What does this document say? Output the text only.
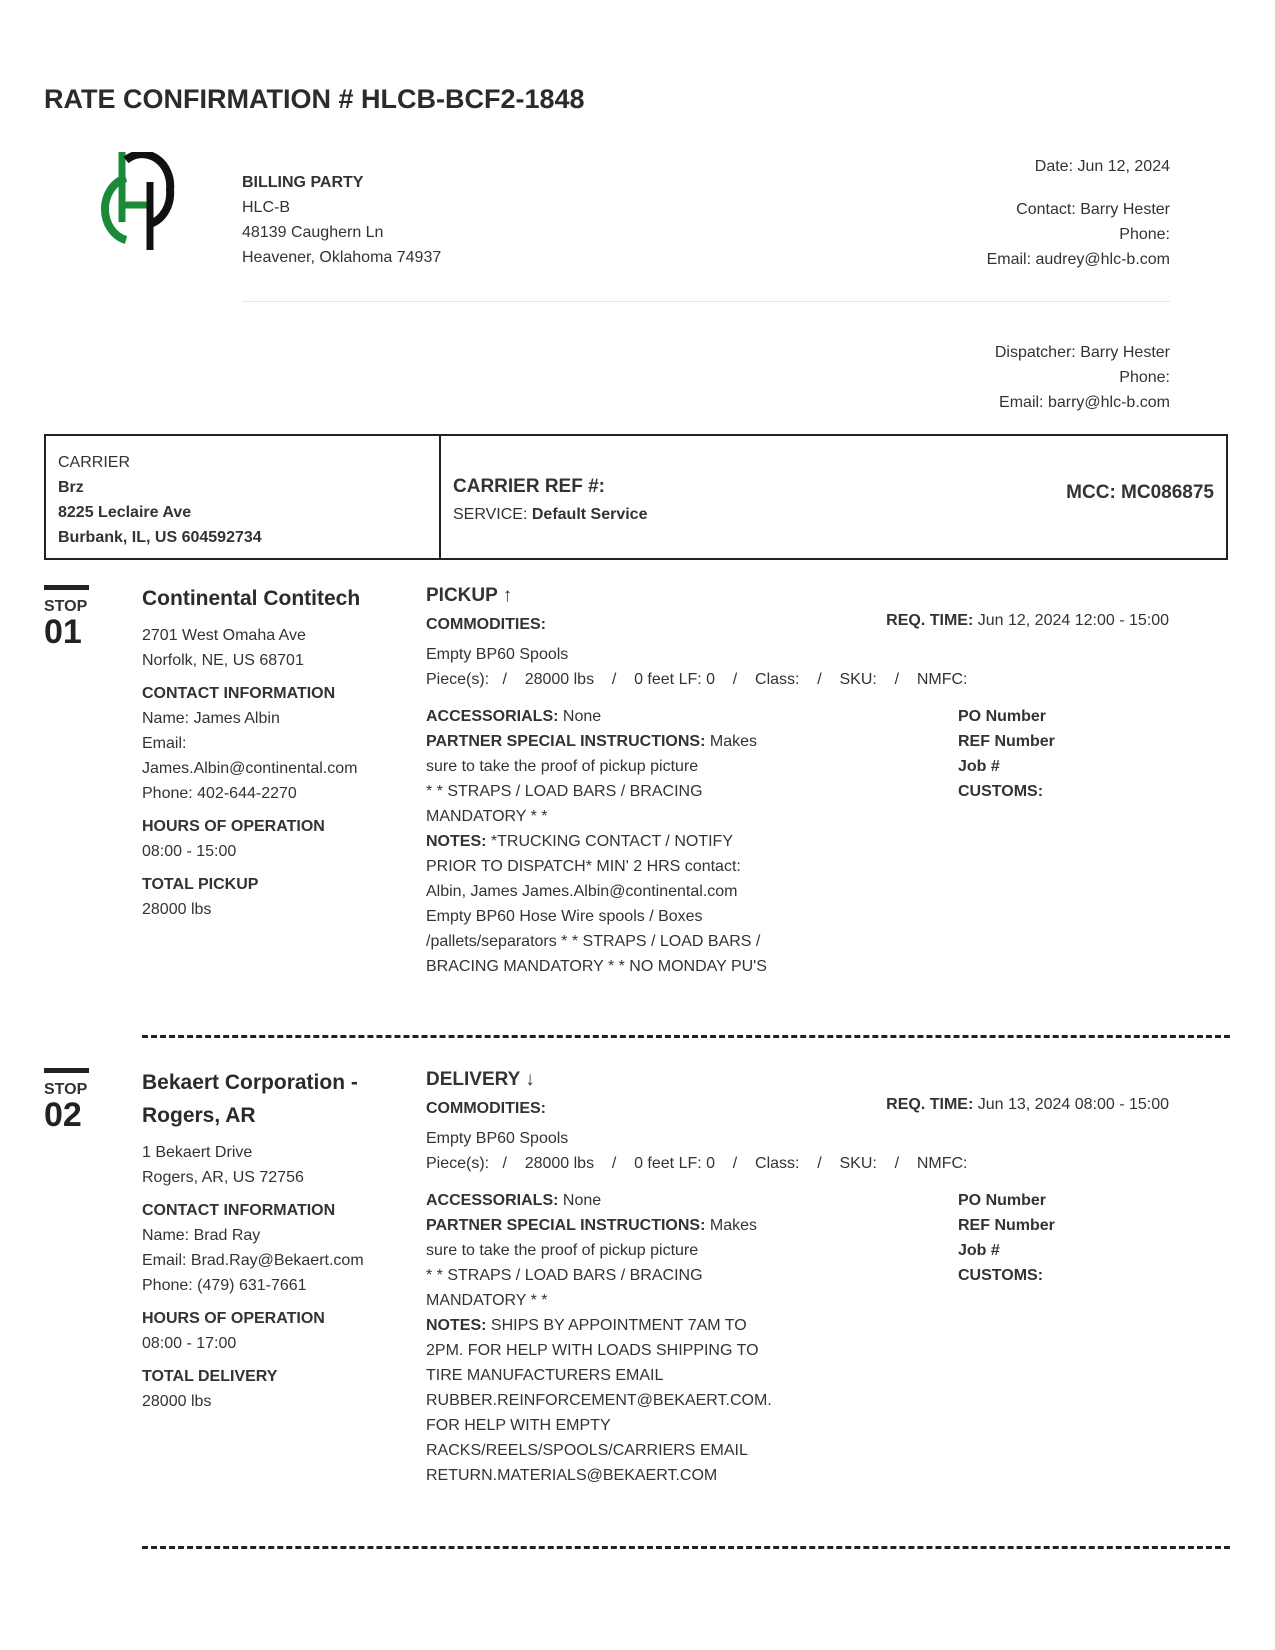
RATE CONFIRMATION # HLCB-BCF2-1848
BILLING PARTY
HLC-B
48139 Caughern Ln
Heavener, Oklahoma 74937
Date: Jun 12, 2024
Contact: Barry Hester
Phone:
Email: audrey@hlc-b.com
Dispatcher: Barry Hester
Phone:
Email: barry@hlc-b.com
CARRIER
Brz
8225 Leclaire Ave
Burbank, IL, US 604592734
CARRIER REF #:
SERVICE: Default Service
MCC: MC086875
STOP
01
Continental Contitech
2701 West Omaha Ave
Norfolk, NE, US 68701
CONTACT INFORMATION
Name: James Albin
Email:
James.Albin@continental.com
Phone: 402-644-2270
HOURS OF OPERATION
08:00 - 15:00
TOTAL PICKUP
28000 lbs
PICKUP ↑
COMMODITIES:	REQ. TIME: Jun 12, 2024 12:00 - 15:00
Empty BP60 Spools
Piece(s):   /    28000 lbs    /    0 feet LF: 0    /    Class:    /    SKU:    /    NMFC:
ACCESSORIALS: None
PARTNER SPECIAL INSTRUCTIONS: Makes
sure to take the proof of pickup picture
* * STRAPS / LOAD BARS / BRACING
MANDATORY * *
NOTES: *TRUCKING CONTACT / NOTIFY
PRIOR TO DISPATCH* MIN' 2 HRS contact:
Albin, James James.Albin@continental.com
Empty BP60 Hose Wire spools / Boxes
/pallets/separators * * STRAPS / LOAD BARS /
BRACING MANDATORY * * NO MONDAY PU'S
PO Number
REF Number
Job #
CUSTOMS:
STOP
02
Bekaert Corporation -
Rogers, AR
1 Bekaert Drive
Rogers, AR, US 72756
CONTACT INFORMATION
Name: Brad Ray
Email: Brad.Ray@Bekaert.com
Phone: (479) 631-7661
HOURS OF OPERATION
08:00 - 17:00
TOTAL DELIVERY
28000 lbs
DELIVERY ↓
COMMODITIES:	REQ. TIME: Jun 13, 2024 08:00 - 15:00
Empty BP60 Spools
Piece(s):   /    28000 lbs    /    0 feet LF: 0    /    Class:    /    SKU:    /    NMFC:
ACCESSORIALS: None
PARTNER SPECIAL INSTRUCTIONS: Makes
sure to take the proof of pickup picture
* * STRAPS / LOAD BARS / BRACING
MANDATORY * *
NOTES: SHIPS BY APPOINTMENT 7AM TO
2PM. FOR HELP WITH LOADS SHIPPING TO
TIRE MANUFACTURERS EMAIL
RUBBER.REINFORCEMENT@BEKAERT.COM.
FOR HELP WITH EMPTY
RACKS/REELS/SPOOLS/CARRIERS EMAIL
RETURN.MATERIALS@BEKAERT.COM
PO Number
REF Number
Job #
CUSTOMS:
